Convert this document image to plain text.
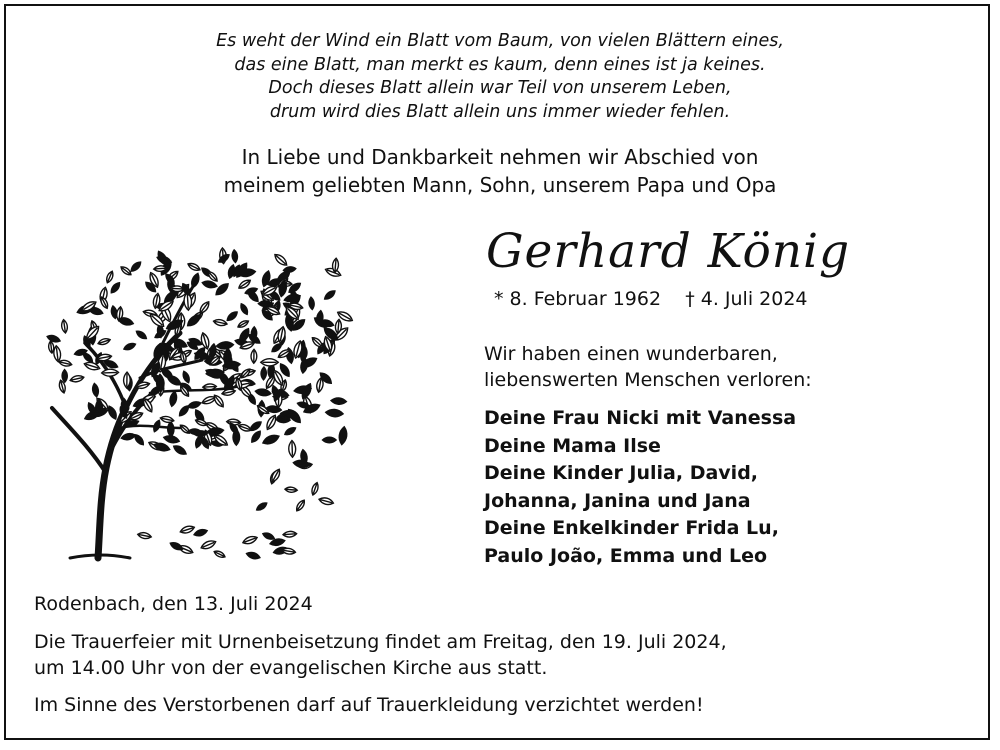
Es weht der Wind ein Blatt vom Baum, von vielen Blättern eines,
das eine Blatt, man merkt es kaum, denn eines ist ja keines.
Doch dieses Blatt allein war Teil von unserem Leben,
drum wird dies Blatt allein uns immer wieder fehlen.
In Liebe und Dankbarkeit nehmen wir Abschied von
meinem geliebten Mann, Sohn, unserem Papa und Opa
Gerhard König
* 8. Februar 1962    † 4. Juli 2024
Wir haben einen wunderbaren,
liebenswerten Menschen verloren:
Deine Frau Nicki mit Vanessa
Deine Mama Ilse
Deine Kinder Julia, David,
Johanna, Janina und Jana
Deine Enkelkinder Frida Lu,
Paulo João, Emma und Leo
Rodenbach, den 13. Juli 2024
Die Trauerfeier mit Urnenbeisetzung findet am Freitag, den 19. Juli 2024,
um 14.00 Uhr von der evangelischen Kirche aus statt.
Im Sinne des Verstorbenen darf auf Trauerkleidung verzichtet werden!
